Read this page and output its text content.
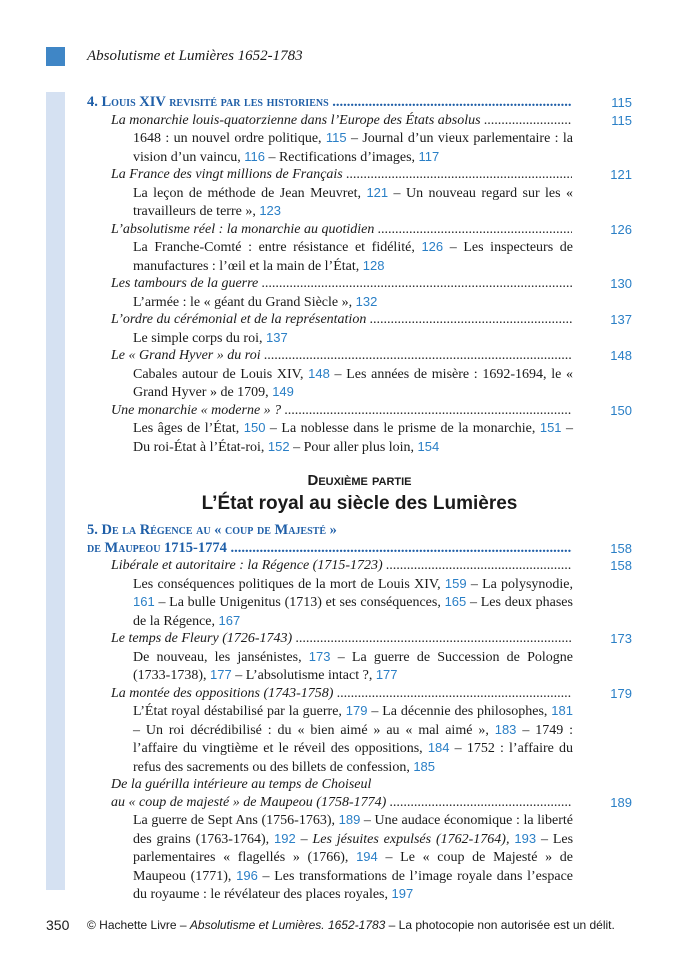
Absolutisme et Lumières 1652-1783
4. Louis XIV revisité par les historiens .....	115
La monarchie louis-quatorzienne dans l’Europe des États absolus .....	115
1648 : un nouvel ordre politique, 115 – Journal d’un vieux parlementaire : la vision d’un vaincu, 116 – Rectifications d’images, 117
La France des vingt millions de Français .....	121
La leçon de méthode de Jean Meuvret, 121 – Un nouveau regard sur les « travailleurs de terre », 123
L’absolutisme réel : la monarchie au quotidien .....	126
La Franche-Comté : entre résistance et fidélité, 126 – Les inspecteurs de manufactures : l’œil et la main de l’État, 128
Les tambours de la guerre .....	130
L’armée : le « géant du Grand Siècle », 132
L’ordre du cérémonial et de la représentation .....	137
Le simple corps du roi, 137
Le « Grand Hyver » du roi .....	148
Cabales autour de Louis XIV, 148 – Les années de misère : 1692-1694, le « Grand Hyver » de 1709, 149
Une monarchie « moderne » ? .....	150
Les âges de l’État, 150 – La noblesse dans le prisme de la monarchie, 151 – Du roi-État à l’État-roi, 152 – Pour aller plus loin, 154
Deuxième partie
L’État royal au siècle des Lumières
5. De la Régence au « coup de Majesté »
de Maupeou 1715-1774 .....	158
Libérale et autoritaire : la Régence (1715-1723) .....	158
Les conséquences politiques de la mort de Louis XIV, 159 – La polysynodie, 161 – La bulle Unigenitus (1713) et ses conséquences, 165 – Les deux phases de la Régence, 167
Le temps de Fleury (1726-1743) .....	173
De nouveau, les jansénistes, 173 – La guerre de Succession de Pologne (1733-1738), 177 – L’absolutisme intact ?, 177
La montée des oppositions (1743-1758) .....	179
L’État royal déstabilisé par la guerre, 179 – La décennie des philosophes, 181 – Un roi décrédibilisé : du « bien aimé » au « mal aimé », 183 – 1749 : l’affaire du vingtième et le réveil des oppositions, 184 – 1752 : l’affaire du refus des sacrements ou des billets de confession, 185
De la guérilla intérieure au temps de Choiseul
au « coup de majesté » de Maupeou (1758-1774) .....	189
La guerre de Sept Ans (1756-1763), 189 – Une audace économique : la liberté des grains (1763-1764), 192 – Les jésuites expulsés (1762-1764), 193 – Les parlementaires « flagellés » (1766), 194 – Le « coup de Majesté » de Maupeou (1771), 196 – Les transformations de l’image royale dans l’espace du royaume : le révélateur des places royales, 197
350 © Hachette Livre – Absolutisme et Lumières. 1652-1783 – La photocopie non autorisée est un délit.
